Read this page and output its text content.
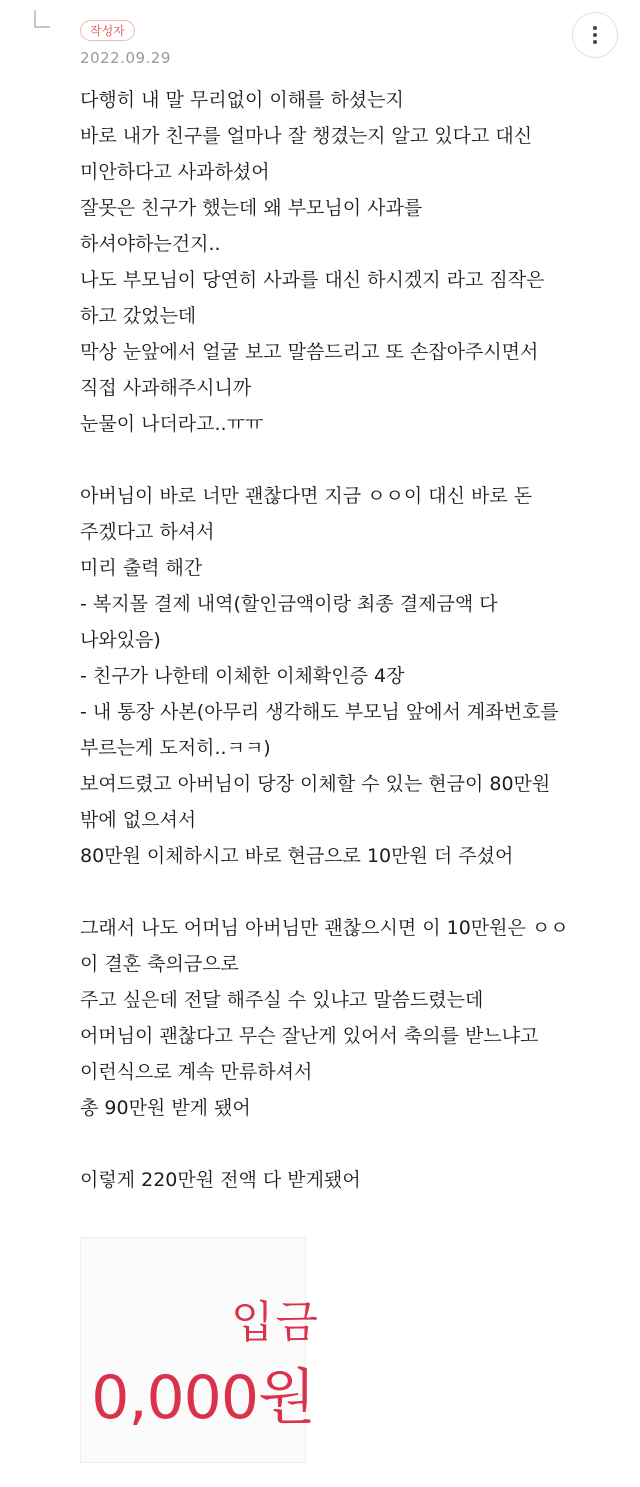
작성자
2022.09.29
다행히 내 말 무리없이 이해를 하셨는지
바로 내가 친구를 얼마나 잘 챙겼는지 알고 있다고 대신
미안하다고 사과하셨어
잘못은 친구가 했는데 왜 부모님이 사과를
하셔야하는건지..
나도 부모님이 당연히 사과를 대신 하시겠지 라고 짐작은
하고 갔었는데
막상 눈앞에서 얼굴 보고 말씀드리고 또 손잡아주시면서
직접 사과해주시니까
눈물이 나더라고..ㅠㅠ
아버님이 바로 너만 괜찮다면 지금 ㅇㅇ이 대신 바로 돈
주겠다고 하셔서
미리 출력 해간
- 복지몰 결제 내역(할인금액이랑 최종 결제금액 다
나와있음)
- 친구가 나한테 이체한 이체확인증 4장
- 내 통장 사본(아무리 생각해도 부모님 앞에서 계좌번호를
부르는게 도저히..ㅋㅋ)
보여드렸고 아버님이 당장 이체할 수 있는 현금이 80만원
밖에 없으셔서
80만원 이체하시고 바로 현금으로 10만원 더 주셨어
그래서 나도 어머님 아버님만 괜찮으시면 이 10만원은 ㅇㅇ
이 결혼 축의금으로
주고 싶은데 전달 해주실 수 있냐고 말씀드렸는데
어머님이 괜찮다고 무슨 잘난게 있어서 축의를 받느냐고
이런식으로 계속 만류하셔서
총 90만원 받게 됐어
이렇게 220만원 전액 다 받게됐어
입금
0,000원
